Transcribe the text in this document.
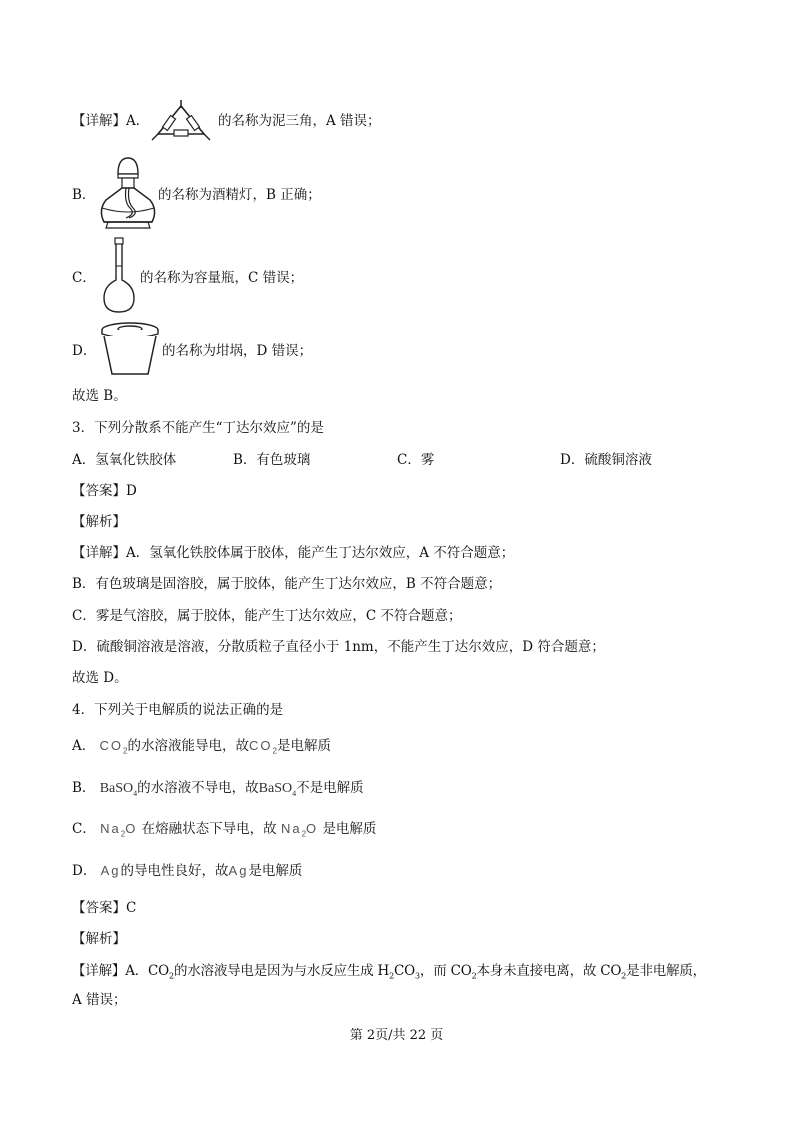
【详解】A．	的名称为泥三角，A 错误；
B．	的名称为酒精灯，B 正确；
C．	的名称为容量瓶，C 错误；
D．	的名称为坩埚，D 错误；
故选 B。
3．下列分散系不能产生“丁达尔效应”的是
A．氢氧化铁胶体	B．有色玻璃	C．雾	D．硫酸铜溶液
【答案】D
【解析】
【详解】A．氢氧化铁胶体属于胶体，能产生丁达尔效应，A 不符合题意；
B．有色玻璃是固溶胶，属于胶体，能产生丁达尔效应，B 不符合题意；
C．雾是气溶胶，属于胶体，能产生丁达尔效应，C 不符合题意；
D．硫酸铜溶液是溶液，分散质粒子直径小于 1nm，不能产生丁达尔效应，D 符合题意；
故选 D。
4．下列关于电解质的说法正确的是
A． $CO_2$的水溶液能导电，故$CO_2$是电解质
B． BaSO$_4$的水溶液不导电，故BaSO$_4$不是电解质
C． $Na_2O$ 在熔融状态下导电，故 $Na_2O$ 是电解质
D． Ag的导电性良好，故Ag是电解质
【答案】C
【解析】
【详解】A．$CO_2$的水溶液导电是因为与水反应生成 $H_2CO_3$，而 $CO_2$本身未直接电离，故 $CO_2$是非电解质，
A 错误；
第 2页/共 22 页
